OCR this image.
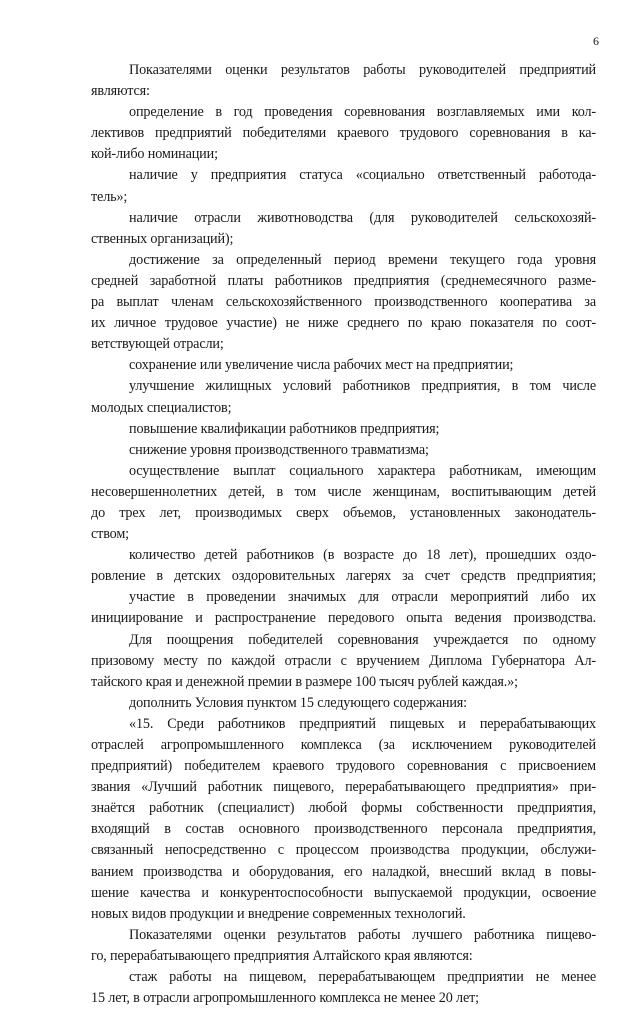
6
Показателями оценки результатов работы руководителей предприятий
являются:
определение в год проведения соревнования возглавляемых ими кол-
лективов предприятий победителями краевого трудового соревнования в ка-
кой-либо номинации;
наличие у предприятия статуса «социально ответственный работода-
тель»;
наличие отрасли животноводства (для руководителей сельскохозяй-
ственных организаций);
достижение за определенный период времени текущего года уровня
средней заработной платы работников предприятия (среднемесячного разме-
ра выплат членам сельскохозяйственного производственного кооператива за
их личное трудовое участие) не ниже среднего по краю показателя по соот-
ветствующей отрасли;
сохранение или увеличение числа рабочих мест на предприятии;
улучшение жилищных условий работников предприятия, в том числе
молодых специалистов;
повышение квалификации работников предприятия;
снижение уровня производственного травматизма;
осуществление выплат социального характера работникам, имеющим
несовершеннолетних детей, в том числе женщинам, воспитывающим детей
до трех лет, производимых сверх объемов, установленных законодатель-
ством;
количество детей работников (в возрасте до 18 лет), прошедших оздо-
ровление в детских оздоровительных лагерях за счет средств предприятия;
участие в проведении значимых для отрасли мероприятий либо их
инициирование и распространение передового опыта ведения производства.
Для поощрения победителей соревнования учреждается по одному
призовому месту по каждой отрасли с вручением Диплома Губернатора Ал-
тайского края и денежной премии в размере 100 тысяч рублей каждая.»;
дополнить Условия пунктом 15 следующего содержания:
«15. Среди работников предприятий пищевых и перерабатывающих
отраслей агропромышленного комплекса (за исключением руководителей
предприятий) победителем краевого трудового соревнования с присвоением
звания «Лучший работник пищевого, перерабатывающего предприятия» при-
знаётся работник (специалист) любой формы собственности предприятия,
входящий в состав основного производственного персонала предприятия,
связанный непосредственно с процессом производства продукции, обслужи-
ванием производства и оборудования, его наладкой, внесший вклад в повы-
шение качества и конкурентоспособности выпускаемой продукции, освоение
новых видов продукции и внедрение современных технологий.
Показателями оценки результатов работы лучшего работника пищево-
го, перерабатывающего предприятия Алтайского края являются:
стаж работы на пищевом, перерабатывающем предприятии не менее
15 лет, в отрасли агропромышленного комплекса не менее 20 лет;
